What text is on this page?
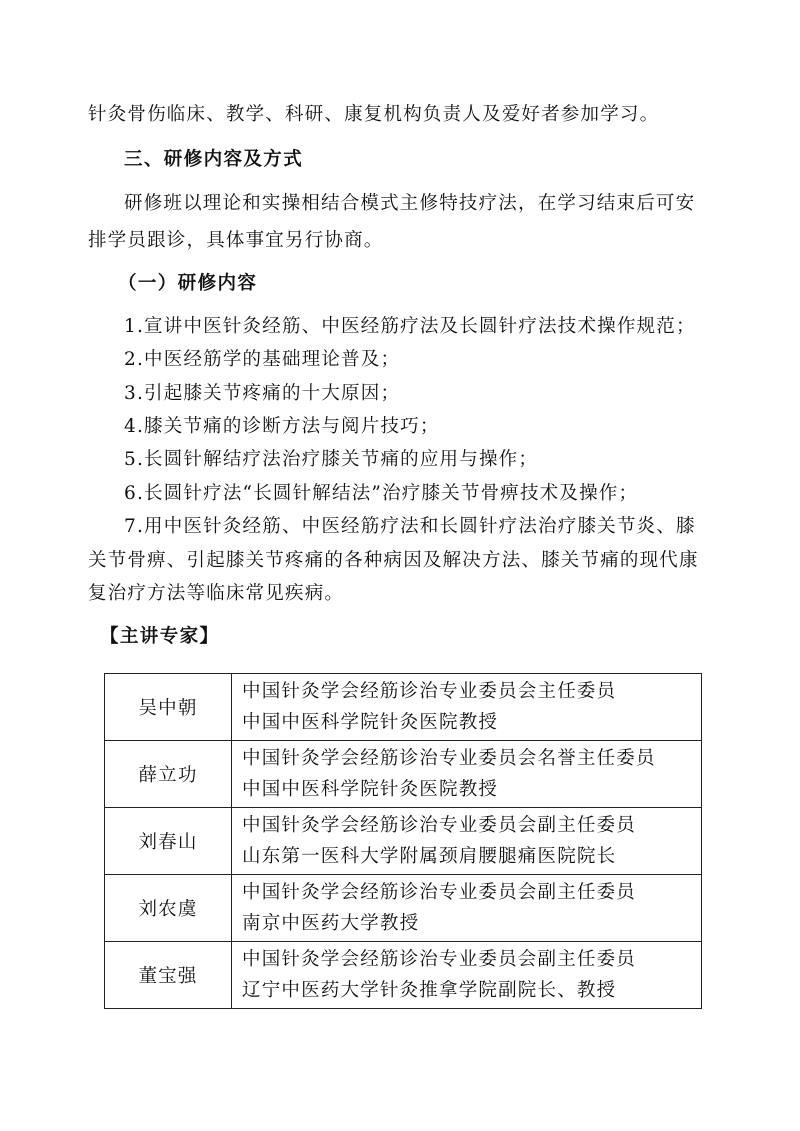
针灸骨伤临床、教学、科研、康复机构负责人及爱好者参加学习。
三、研修内容及方式
研修班以理论和实操相结合模式主修特技疗法，在学习结束后可安
排学员跟诊，具体事宜另行协商。
（一）研修内容
1.宣讲中医针灸经筋、中医经筋疗法及长圆针疗法技术操作规范；
2.中医经筋学的基础理论普及；
3.引起膝关节疼痛的十大原因；
4.膝关节痛的诊断方法与阅片技巧；
5.长圆针解结疗法治疗膝关节痛的应用与操作；
6.长圆针疗法“长圆针解结法”治疗膝关节骨痹技术及操作；
7.用中医针灸经筋、中医经筋疗法和长圆针疗法治疗膝关节炎、膝
关节骨痹、引起膝关节疼痛的各种病因及解决方法、膝关节痛的现代康
复治疗方法等临床常见疾病。
【主讲专家】
吴中朝	中国针灸学会经筋诊治专业委员会主任委员
中国中医科学院针灸医院教授

薛立功	中国针灸学会经筋诊治专业委员会名誉主任委员
中国中医科学院针灸医院教授

刘春山	中国针灸学会经筋诊治专业委员会副主任委员
山东第一医科大学附属颈肩腰腿痛医院院长

刘农虞	中国针灸学会经筋诊治专业委员会副主任委员
南京中医药大学教授

董宝强	中国针灸学会经筋诊治专业委员会副主任委员
辽宁中医药大学针灸推拿学院副院长、教授
